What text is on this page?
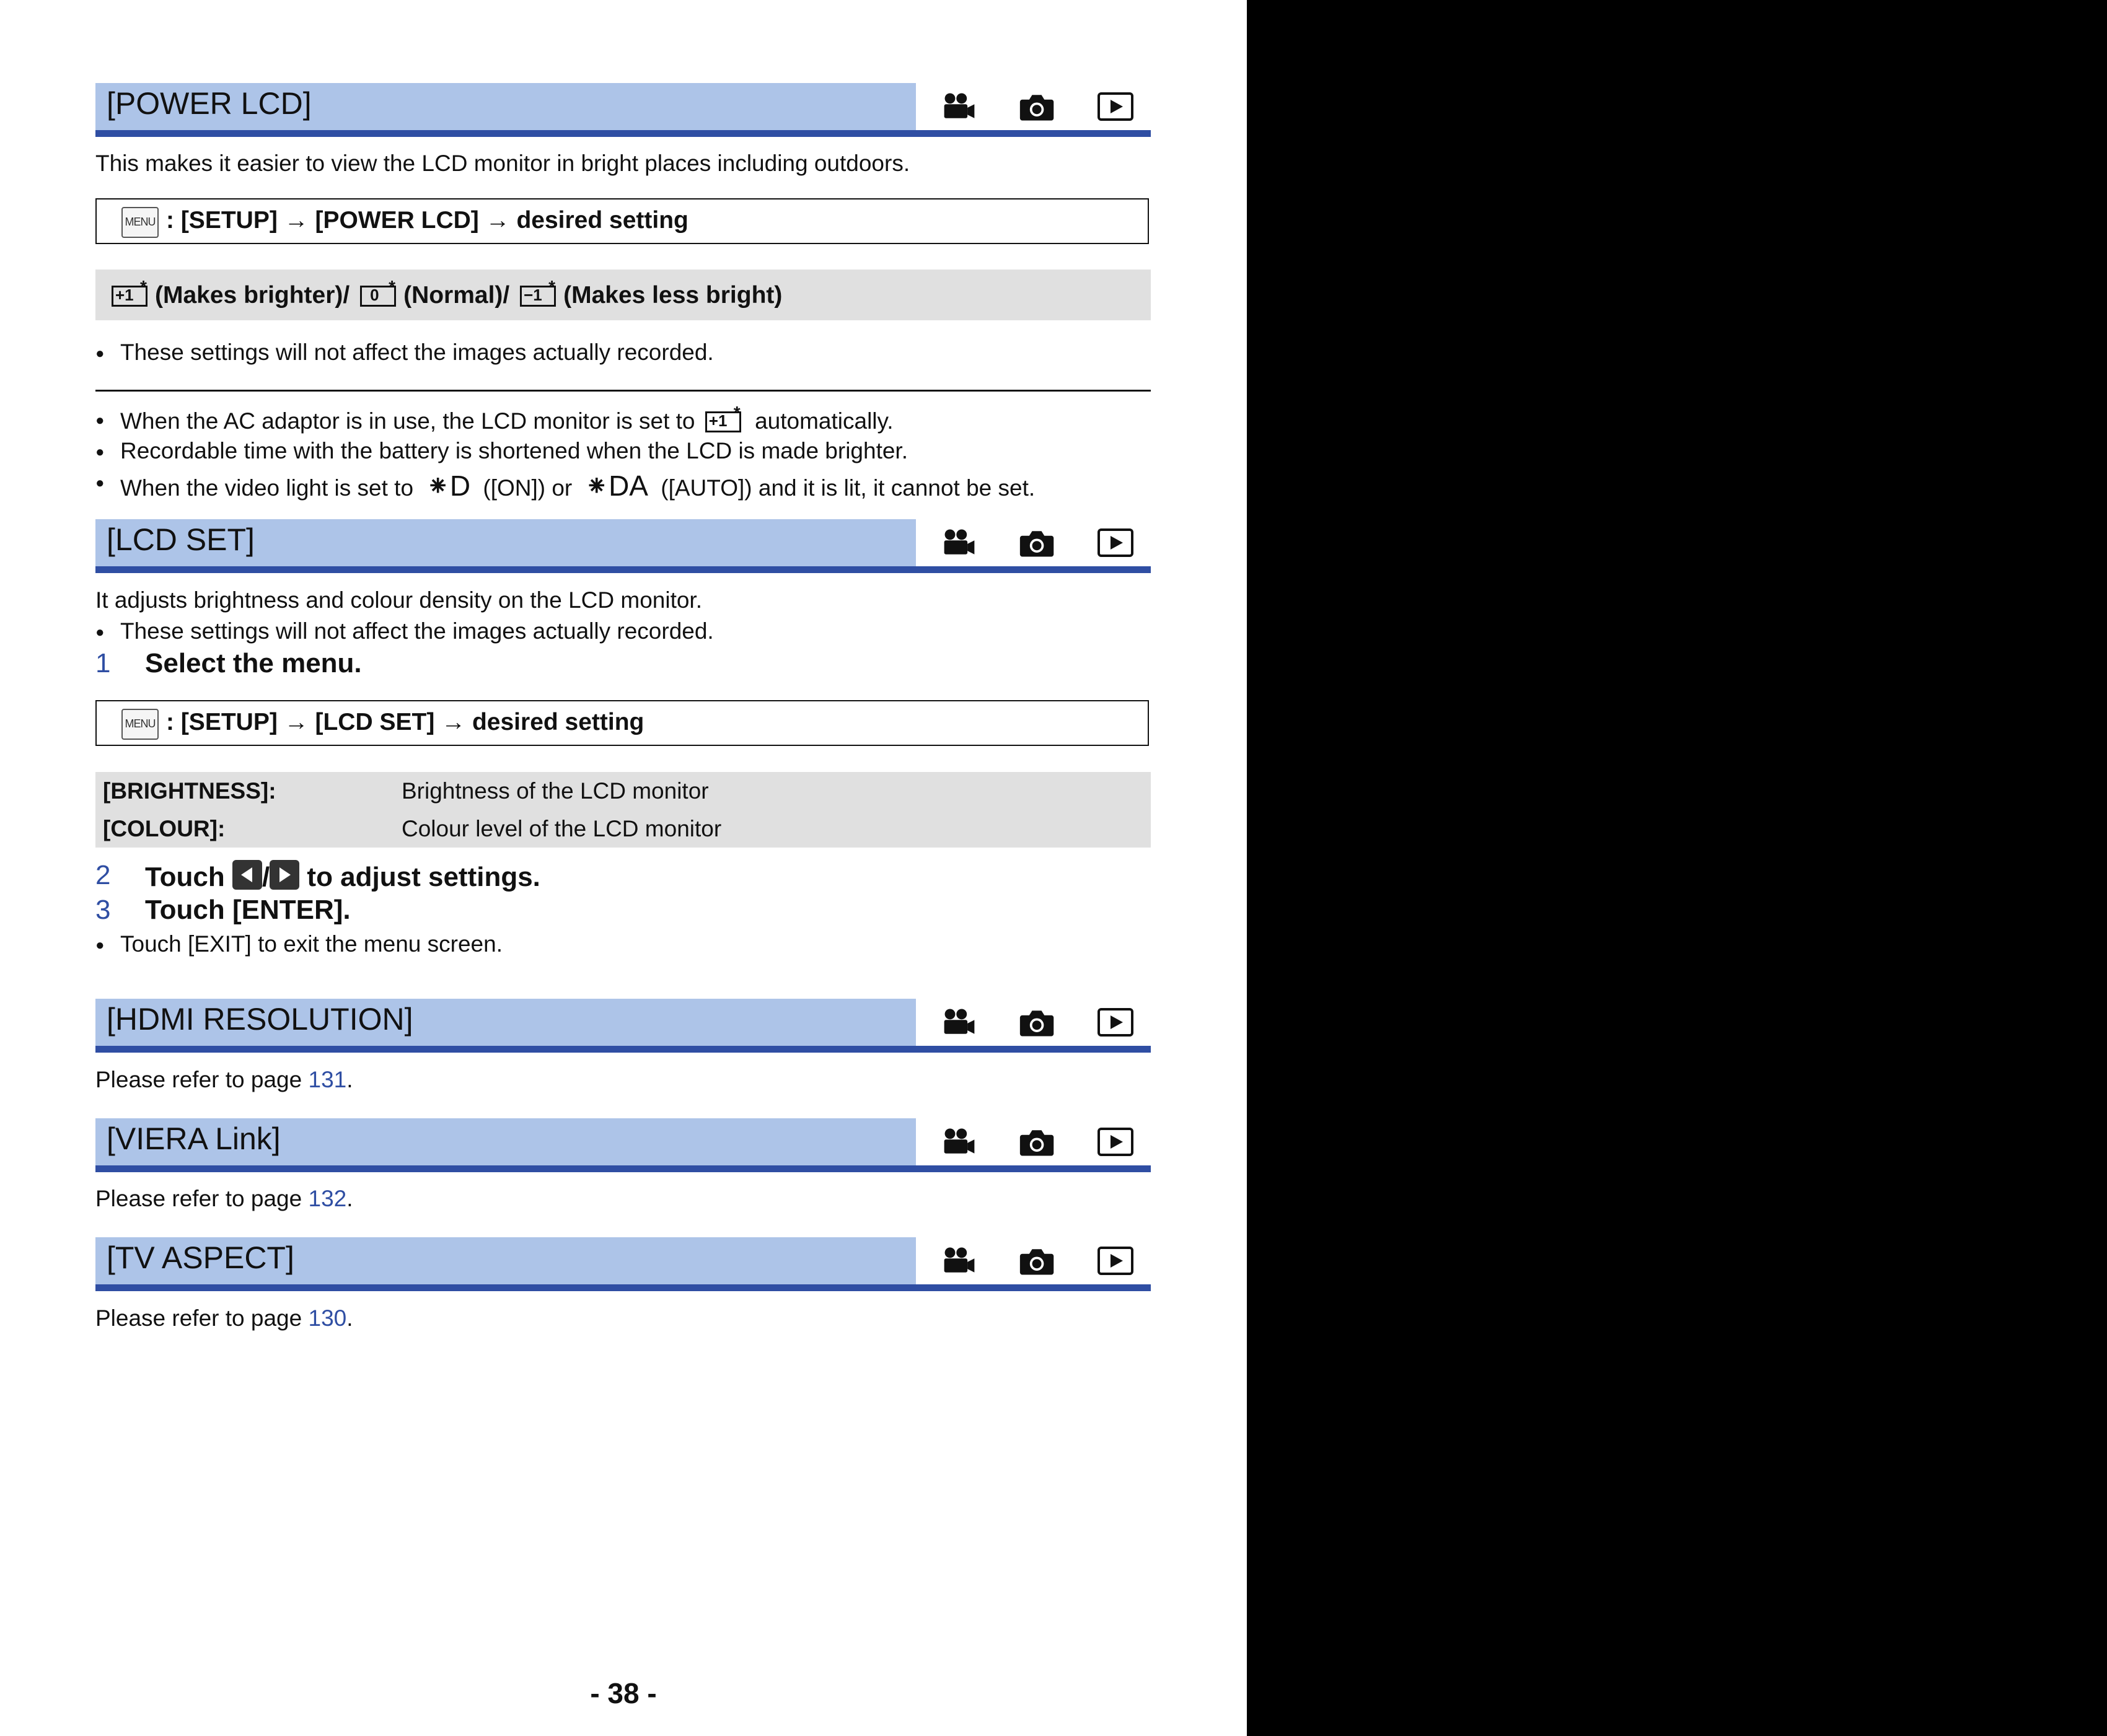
[POWER LCD]
This makes it easier to view the LCD monitor in bright places including outdoors.
MENU : [SETUP] → [POWER LCD] → desired setting
+1 * (Makes brighter)/ 0 * (Normal)/ −1 * (Makes less bright)
● These settings will not affect the images actually recorded.
● When the AC adaptor is in use, the LCD monitor is set to +1 * automatically.
● Recordable time with the battery is shortened when the LCD is made brighter.
● When the video light is set to ⁕D ([ON]) or ⁕DA ([AUTO]) and it is lit, it cannot be set.
[LCD SET]
It adjusts brightness and colour density on the LCD monitor.
● These settings will not affect the images actually recorded.
1 Select the menu.
MENU : [SETUP] → [LCD SET] → desired setting
[BRIGHTNESS]:	Brightness of the LCD monitor
[COLOUR]:	Colour level of the LCD monitor
2 Touch / to adjust settings.
3 Touch [ENTER].
● Touch [EXIT] to exit the menu screen.
[HDMI RESOLUTION]
Please refer to page 131.
[VIERA Link]
Please refer to page 132.
[TV ASPECT]
Please refer to page 130.
- 38 -
